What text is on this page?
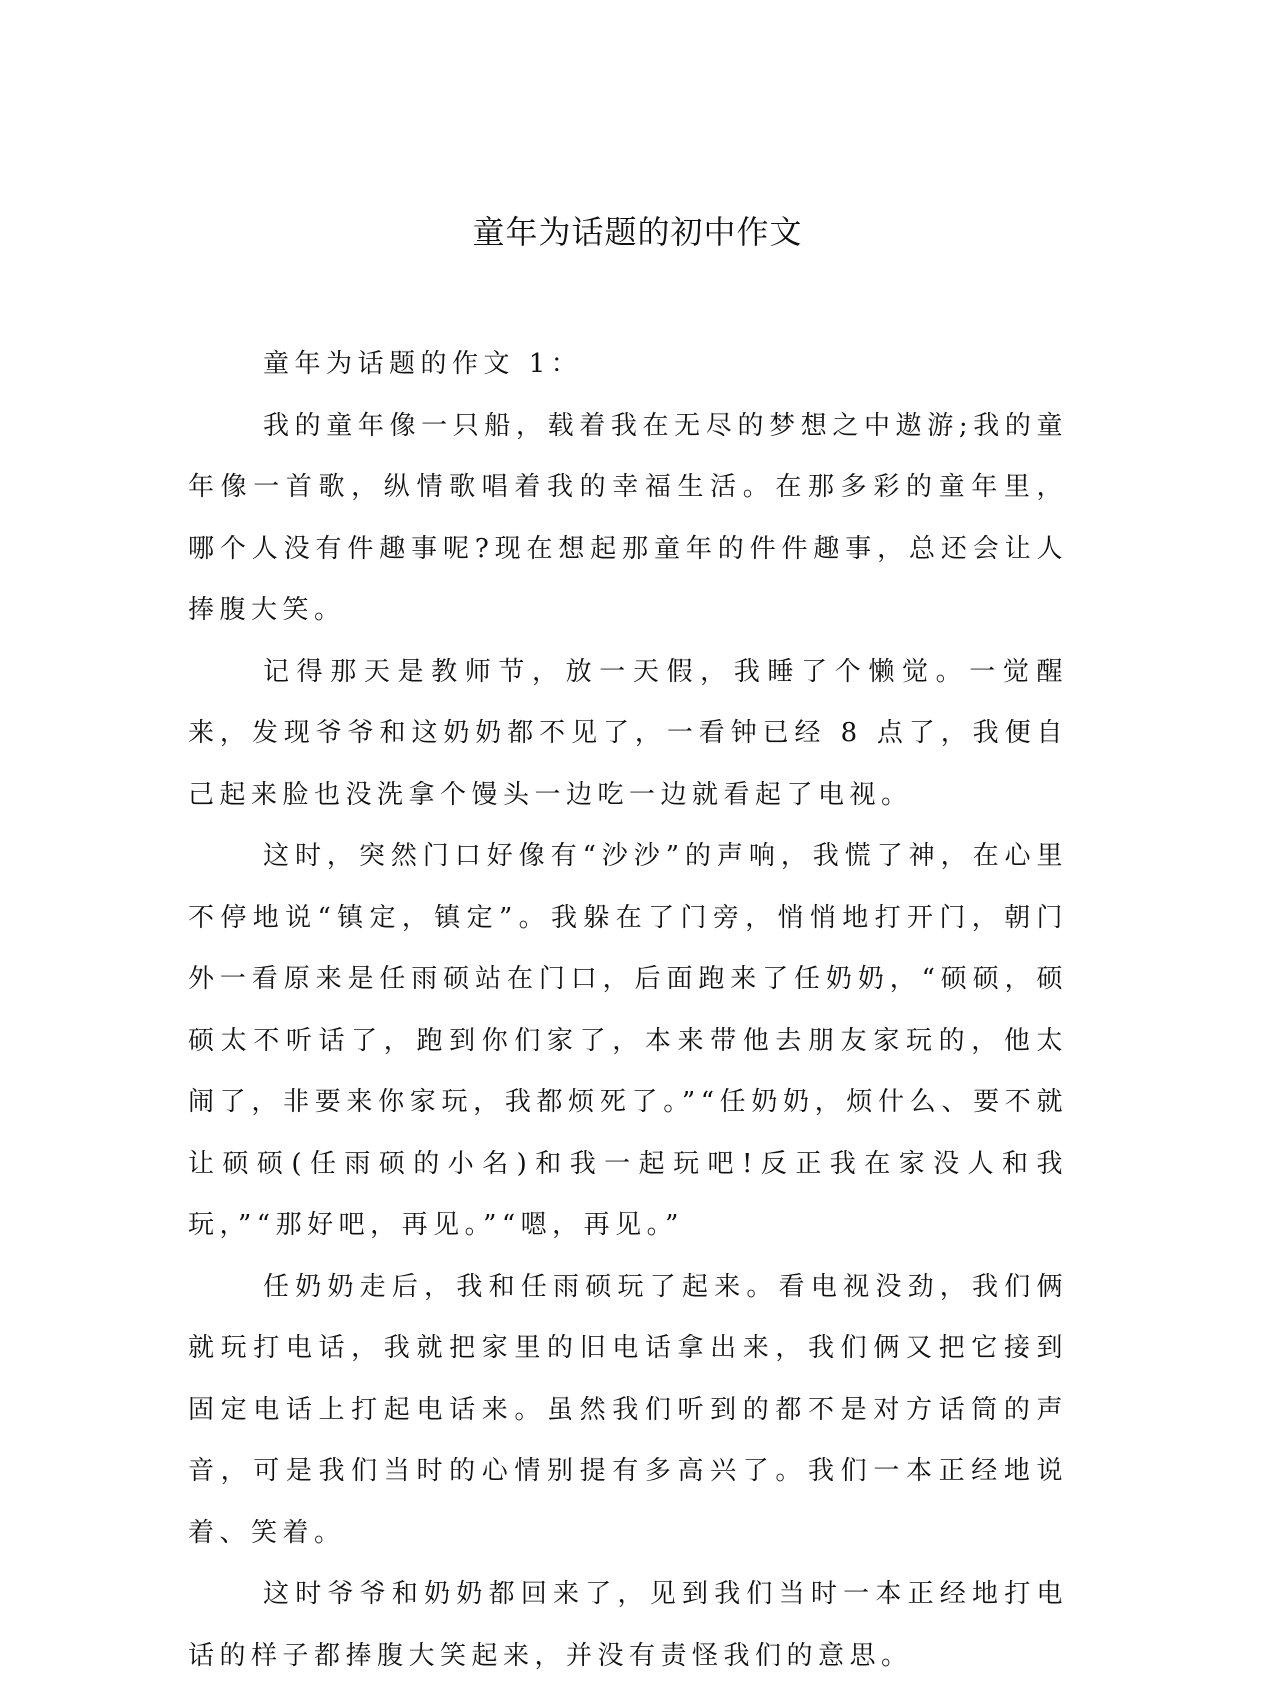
童年为话题的初中作文

童年为话题的作文 1：

我的童年像一只船，载着我在无尽的梦想之中遨游;我的童年像一首歌，纵情歌唱着我的幸福生活。在那多彩的童年里，哪个人没有件趣事呢?现在想起那童年的件件趣事，总还会让人捧腹大笑。

记得那天是教师节，放一天假，我睡了个懒觉。一觉醒来，发现爷爷和这奶奶都不见了，一看钟已经 8 点了，我便自己起来脸也没洗拿个馒头一边吃一边就看起了电视。

这时，突然门口好像有“沙沙”的声响，我慌了神，在心里不停地说“镇定，镇定”。我躲在了门旁，悄悄地打开门，朝门外一看原来是任雨硕站在门口，后面跑来了任奶奶，“硕硕，硕硕太不听话了，跑到你们家了，本来带他去朋友家玩的，他太闹了，非要来你家玩，我都烦死了。”“任奶奶，烦什么、要不就让硕硕(任雨硕的小名)和我一起玩吧!反正我在家没人和我玩，”“那好吧，再见。”“嗯，再见。”

任奶奶走后，我和任雨硕玩了起来。看电视没劲，我们俩就玩打电话，我就把家里的旧电话拿出来，我们俩又把它接到固定电话上打起电话来。虽然我们听到的都不是对方话筒的声音，可是我们当时的心情别提有多高兴了。我们一本正经地说着、笑着。

这时爷爷和奶奶都回来了，见到我们当时一本正经地打电话的样子都捧腹大笑起来，并没有责怪我们的意思。
